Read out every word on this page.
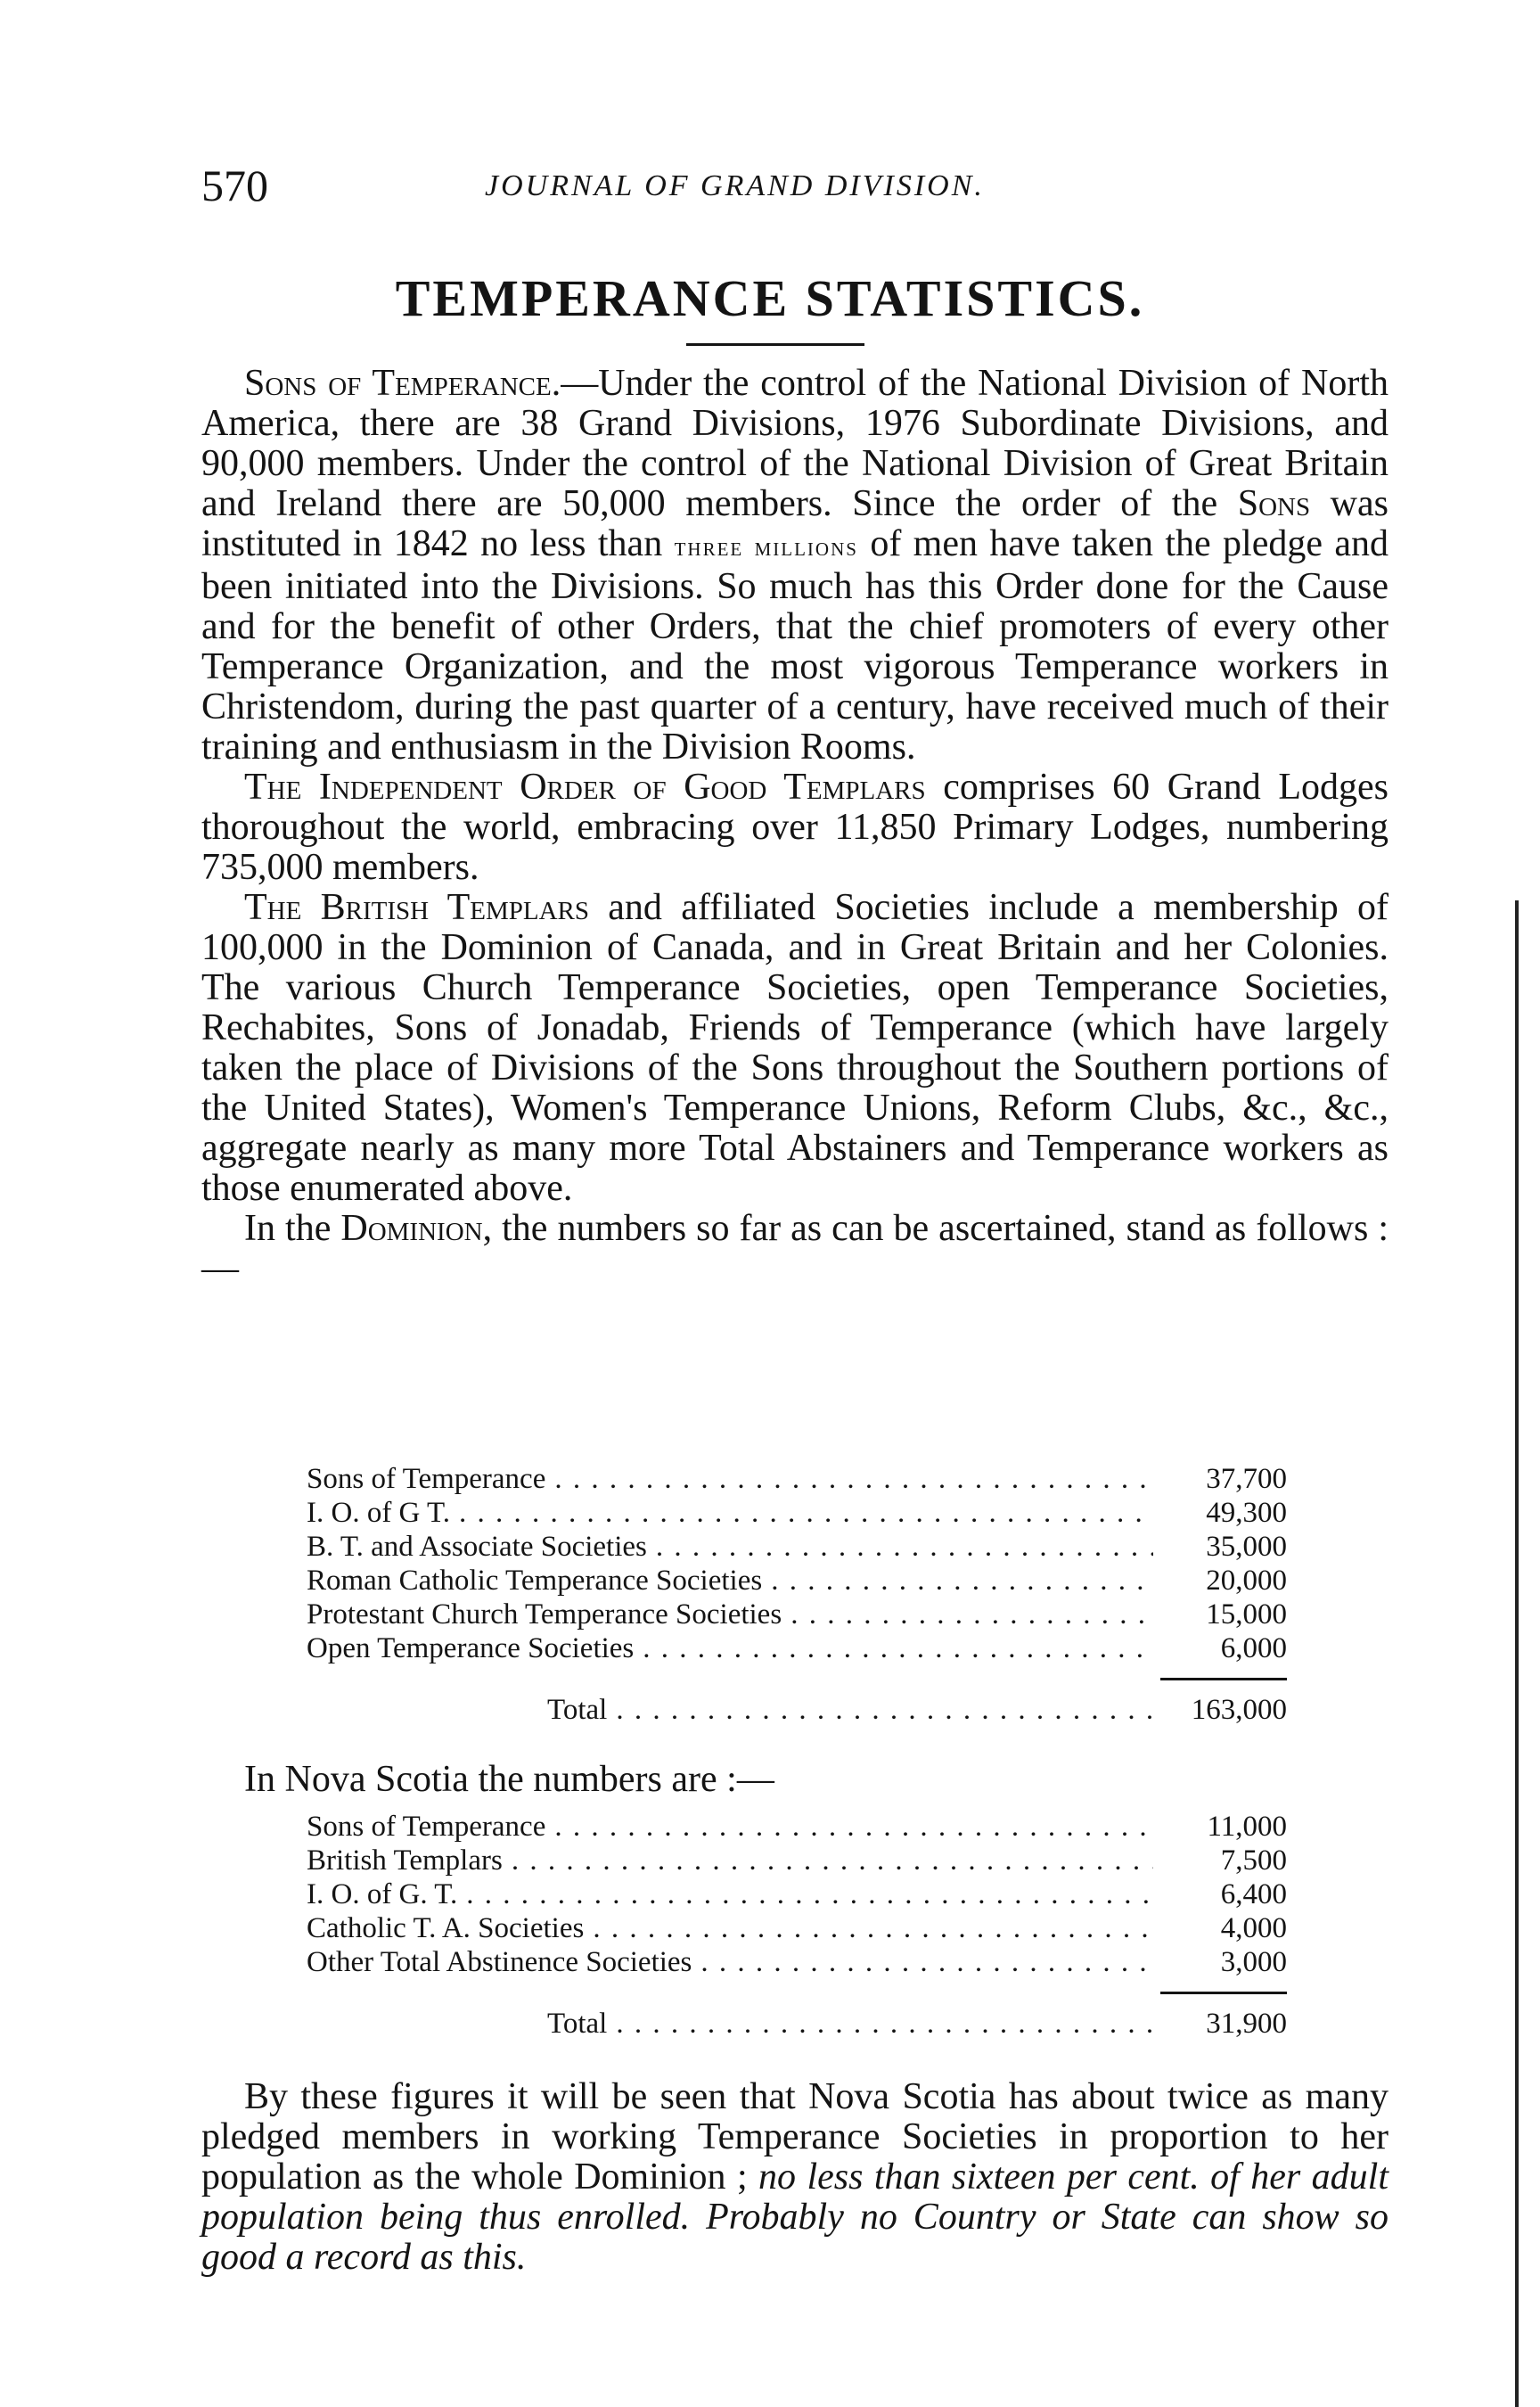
570	JOURNAL OF GRAND DIVISION.
TEMPERANCE STATISTICS.

Sons of Temperance.—Under the control of the National Division of North America, there are 38 Grand Divisions, 1976 Subordinate Divisions, and 90,000 members. Under the control of the National Division of Great Britain and Ireland there are 50,000 members. Since the order of the Sons was instituted in 1842 no less than three millions of men have taken the pledge and been initiated into the Divisions. So much has this Order done for the Cause and for the benefit of other Orders, that the chief promoters of every other Temperance Organization, and the most vigorous Temperance workers in Christendom, during the past quarter of a century, have received much of their training and enthusiasm in the Division Rooms.

The Independent Order of Good Templars comprises 60 Grand Lodges thoroughout the world, embracing over 11,850 Primary Lodges, numbering 735,000 members.

The British Templars and affiliated Societies include a membership of 100,000 in the Dominion of Canada, and in Great Britain and her Colonies. The various Church Temperance Societies, open Temperance Societies, Rechabites, Sons of Jonadab, Friends of Temperance (which have largely taken the place of Divisions of the Sons throughout the Southern portions of the United States), Women's Temperance Unions, Reform Clubs, &c., &c., aggregate nearly as many more Total Abstainers and Temperance workers as those enumerated above.

In the Dominion, the numbers so far as can be ascertained, stand as follows :—

Sons of Temperance . . .	37,700
I. O. of G T. . . .	49,300
B. T. and Associate Societies . . .	35,000
Roman Catholic Temperance Societies . . .	20,000
Protestant Church Temperance Societies . . .	15,000
Open Temperance Societies . . .	6,000
Total . . .	163,000

In Nova Scotia the numbers are :—

Sons of Temperance . . .	11,000
British Templars . . .	7,500
I. O. of G. T. . . .	6,400
Catholic T. A. Societies . . .	4,000
Other Total Abstinence Societies . . .	3,000
Total . . .	31,900

By these figures it will be seen that Nova Scotia has about twice as many pledged members in working Temperance Societies in proportion to her population as the whole Dominion ; no less than sixteen per cent. of her adult population being thus enrolled. Probably no Country or State can show so good a record as this.
